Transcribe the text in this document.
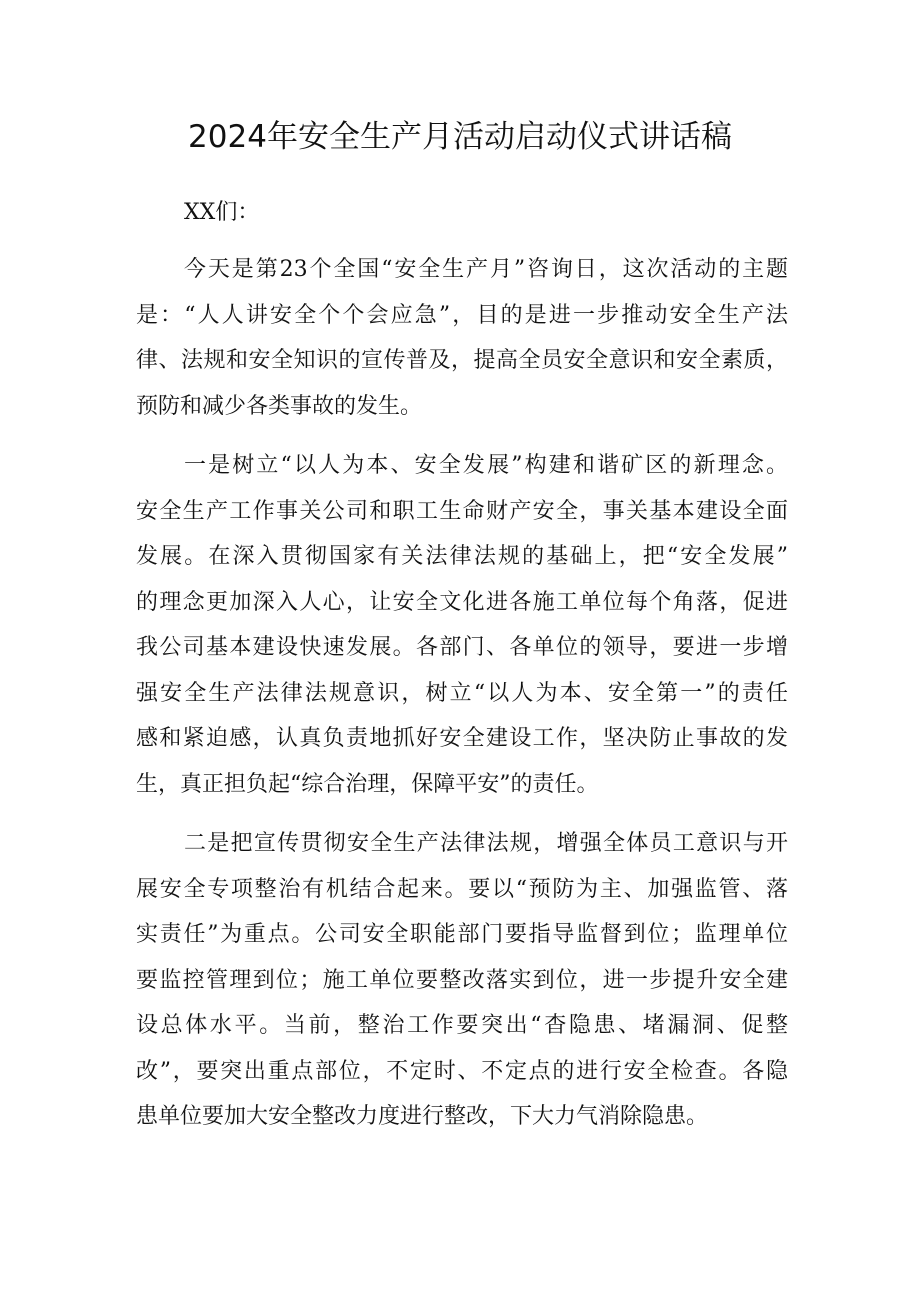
2024年安全生产月活动启动仪式讲话稿

XX们：

今天是第23个全国“安全生产月”咨询日，这次活动的主题
是：“人人讲安全个个会应急”，目的是进一步推动安全生产法
律、法规和安全知识的宣传普及，提高全员安全意识和安全素质，
预防和减少各类事故的发生。
一是树立“以人为本、安全发展”构建和谐矿区的新理念。
安全生产工作事关公司和职工生命财产安全，事关基本建设全面
发展。在深入贯彻国家有关法律法规的基础上，把“安全发展”
的理念更加深入人心，让安全文化进各施工单位每个角落，促进
我公司基本建设快速发展。各部门、各单位的领导，要进一步增
强安全生产法律法规意识，树立“以人为本、安全第一”的责任
感和紧迫感，认真负责地抓好安全建设工作，坚决防止事故的发
生，真正担负起“综合治理，保障平安”的责任。
二是把宣传贯彻安全生产法律法规，增强全体员工意识与开
展安全专项整治有机结合起来。要以“预防为主、加强监管、落
实责任”为重点。公司安全职能部门要指导监督到位；监理单位
要监控管理到位；施工单位要整改落实到位，进一步提升安全建
设总体水平。当前，整治工作要突出“杳隐患、堵漏洞、促整
改”，要突出重点部位，不定时、不定点的进行安全检查。各隐
患单位要加大安全整改力度进行整改，下大力气消除隐患。
